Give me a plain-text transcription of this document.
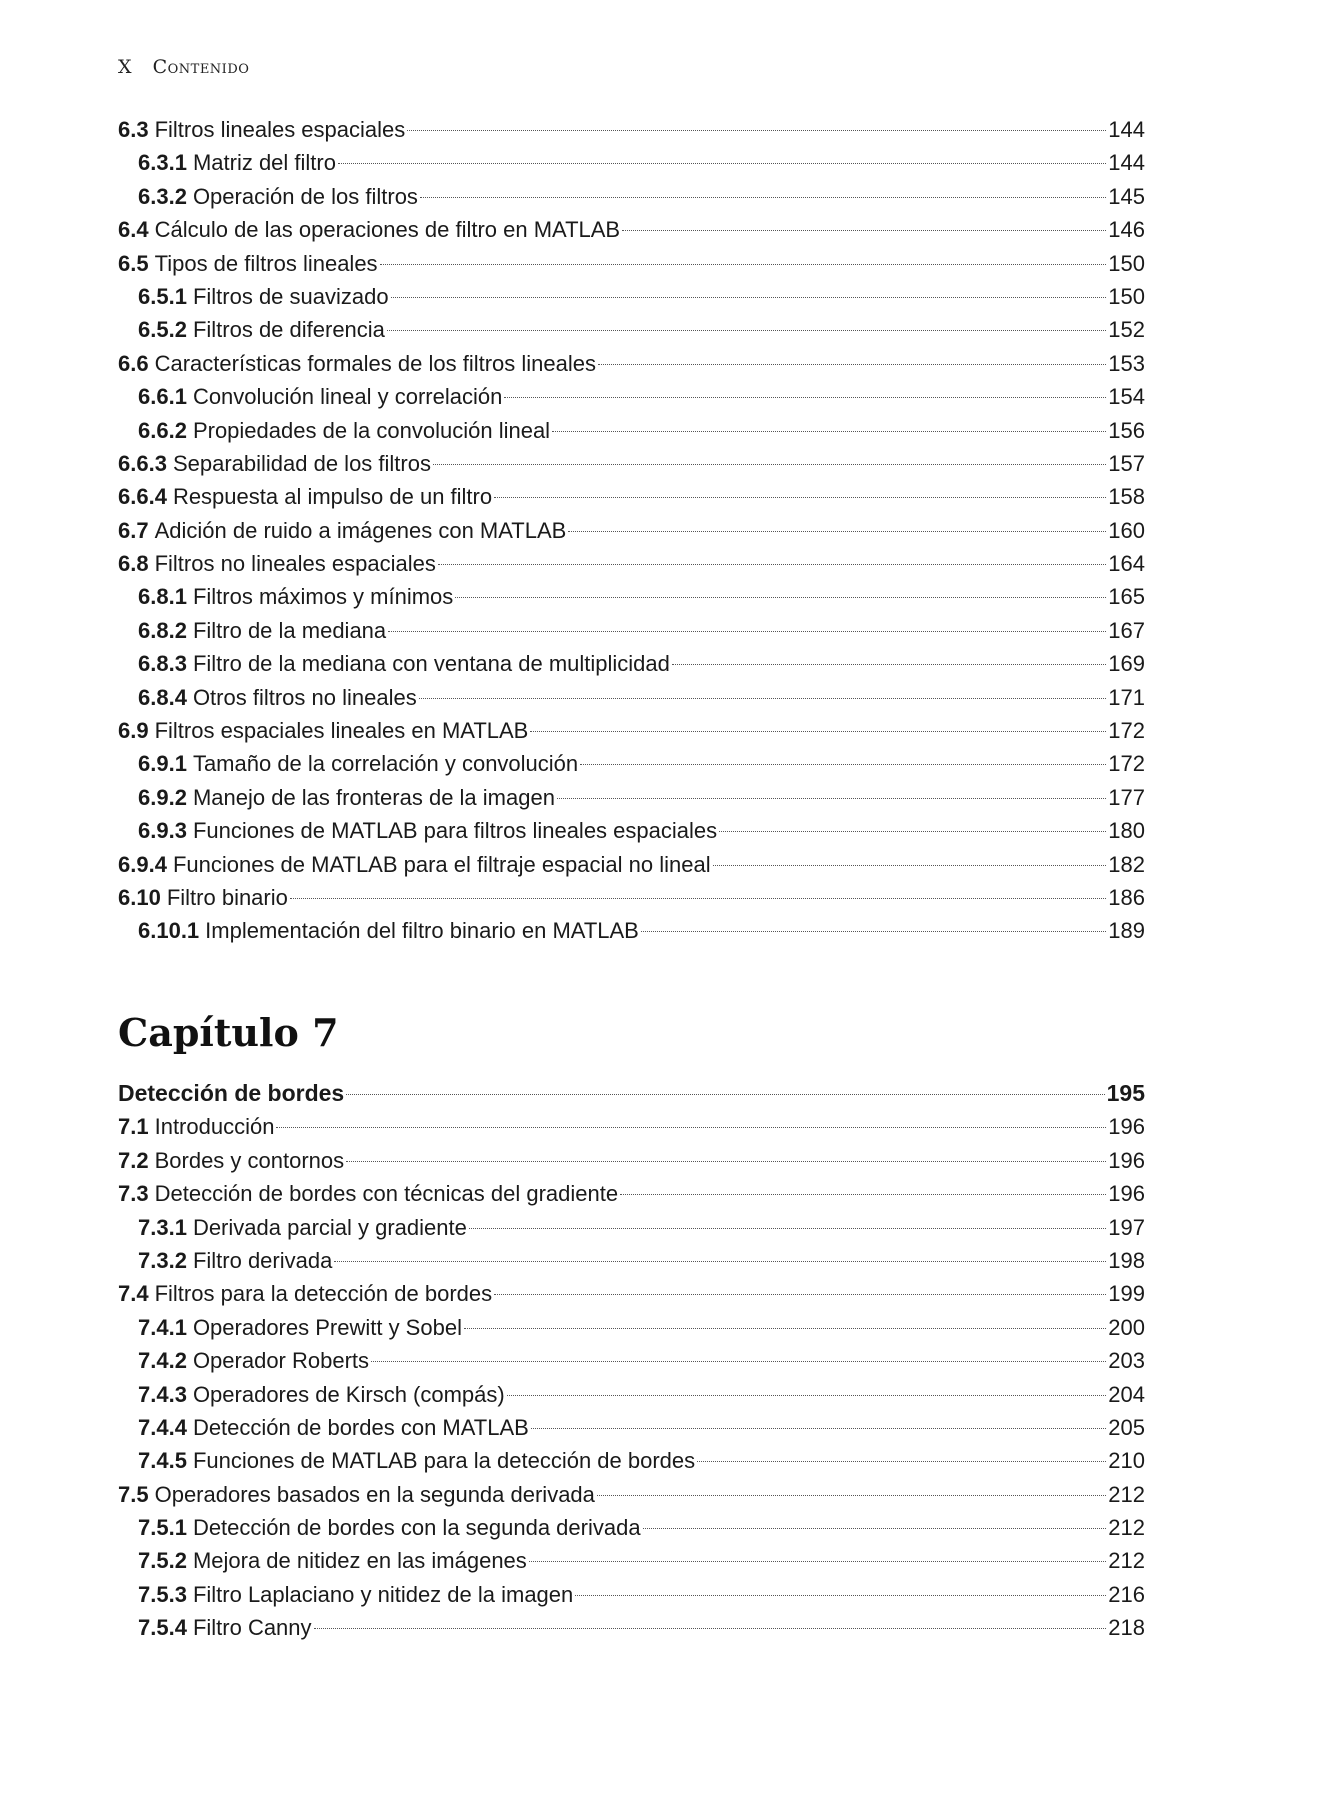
X Contenido
6.3 Filtros lineales espaciales	144
6.3.1 Matriz del filtro	144
6.3.2 Operación de los filtros	145
6.4 Cálculo de las operaciones de filtro en MATLAB	146
6.5 Tipos de filtros lineales	150
6.5.1 Filtros de suavizado	150
6.5.2 Filtros de diferencia	152
6.6 Características formales de los filtros lineales	153
6.6.1 Convolución lineal y correlación	154
6.6.2 Propiedades de la convolución lineal	156
6.6.3 Separabilidad de los filtros	157
6.6.4 Respuesta al impulso de un filtro	158
6.7 Adición de ruido a imágenes con MATLAB	160
6.8 Filtros no lineales espaciales	164
6.8.1 Filtros máximos y mínimos	165
6.8.2 Filtro de la mediana	167
6.8.3 Filtro de la mediana con ventana de multiplicidad	169
6.8.4 Otros filtros no lineales	171
6.9 Filtros espaciales lineales en MATLAB	172
6.9.1 Tamaño de la correlación y convolución	172
6.9.2 Manejo de las fronteras de la imagen	177
6.9.3 Funciones de MATLAB para filtros lineales espaciales	180
6.9.4 Funciones de MATLAB para el filtraje espacial no lineal	182
6.10 Filtro binario	186
6.10.1 Implementación del filtro binario en MATLAB	189
Capítulo 7
Detección de bordes	195
7.1 Introducción	196
7.2 Bordes y contornos	196
7.3 Detección de bordes con técnicas del gradiente	196
7.3.1 Derivada parcial y gradiente	197
7.3.2 Filtro derivada	198
7.4 Filtros para la detección de bordes	199
7.4.1 Operadores Prewitt y Sobel	200
7.4.2 Operador Roberts	203
7.4.3 Operadores de Kirsch (compás)	204
7.4.4 Detección de bordes con MATLAB	205
7.4.5 Funciones de MATLAB para la detección de bordes	210
7.5 Operadores basados en la segunda derivada	212
7.5.1 Detección de bordes con la segunda derivada	212
7.5.2 Mejora de nitidez en las imágenes	212
7.5.3 Filtro Laplaciano y nitidez de la imagen	216
7.5.4 Filtro Canny	218
